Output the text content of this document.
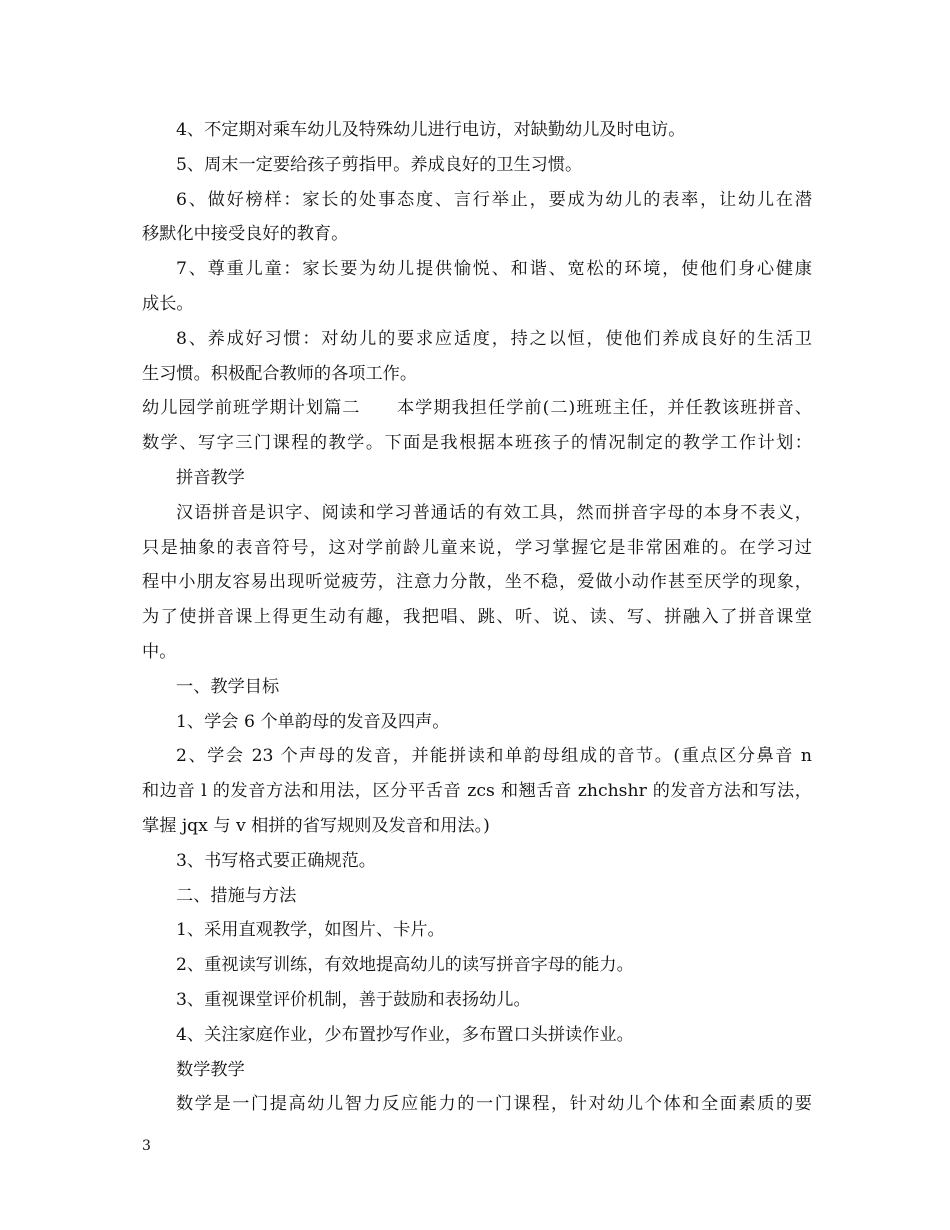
4、不定期对乘车幼儿及特殊幼儿进行电访，对缺勤幼儿及时电访。
5、周末一定要给孩子剪指甲。养成良好的卫生习惯。
6、做好榜样：家长的处事态度、言行举止，要成为幼儿的表率，让幼儿在潜
移默化中接受良好的教育。
7、尊重儿童：家长要为幼儿提供愉悦、和谐、宽松的环境，使他们身心健康
成长。
8、养成好习惯：对幼儿的要求应适度，持之以恒，使他们养成良好的生活卫
生习惯。积极配合教师的各项工作。
幼儿园学前班学期计划篇二　　本学期我担任学前(二)班班主任，并任教该班拼音、
数学、写字三门课程的教学。下面是我根据本班孩子的情况制定的教学工作计划：
拼音教学
汉语拼音是识字、阅读和学习普通话的有效工具，然而拼音字母的本身不表义，
只是抽象的表音符号，这对学前龄儿童来说，学习掌握它是非常困难的。在学习过
程中小朋友容易出现听觉疲劳，注意力分散，坐不稳，爱做小动作甚至厌学的现象，
为了使拼音课上得更生动有趣，我把唱、跳、听、说、读、写、拼融入了拼音课堂
中。
一、教学目标
1、学会 6 个单韵母的发音及四声。
2、学会 23 个声母的发音，并能拼读和单韵母组成的音节。(重点区分鼻音 n
和边音 l 的发音方法和用法，区分平舌音 zcs 和翘舌音 zhchshr 的发音方法和写法，
掌握 jqx 与 v 相拼的省写规则及发音和用法。)
3、书写格式要正确规范。
二、措施与方法
1、采用直观教学，如图片、卡片。
2、重视读写训练，有效地提高幼儿的读写拼音字母的能力。
3、重视课堂评价机制，善于鼓励和表扬幼儿。
4、关注家庭作业，少布置抄写作业，多布置口头拼读作业。
数学教学
数学是一门提高幼儿智力反应能力的一门课程，针对幼儿个体和全面素质的要
3
